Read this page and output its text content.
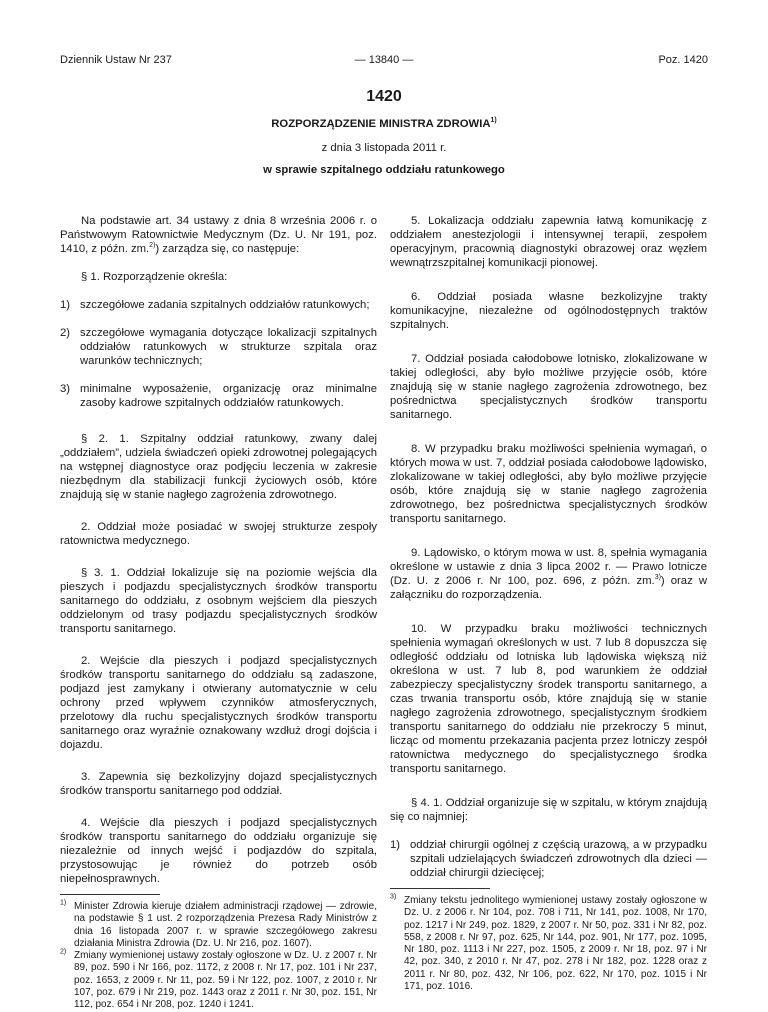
Dziennik Ustaw Nr 237	— 13840 —	Poz. 1420
1420
ROZPORZĄDZENIE MINISTRA ZDROWIA$^{1)}$
z dnia 3 listopada 2011 r.
w sprawie szpitalnego oddziału ratunkowego

Na podstawie art. 34 ustawy z dnia 8 września 2006 r. o Państwowym Ratownictwie Medycznym (Dz. U. Nr 191, poz. 1410, z późn. zm.$^{2)}$) zarządza się, co następuje:

§ 1. Rozporządzenie określa:

1) szczegółowe zadania szpitalnych oddziałów ratunkowych;
2) szczegółowe wymagania dotyczące lokalizacji szpitalnych oddziałów ratunkowych w strukturze szpitala oraz warunków technicznych;
3) minimalne wyposażenie, organizację oraz minimalne zasoby kadrowe szpitalnych oddziałów ratunkowych.

§ 2. 1. Szpitalny oddział ratunkowy, zwany dalej „oddziałem”, udziela świadczeń opieki zdrowotnej polegających na wstępnej diagnostyce oraz podjęciu leczenia w zakresie niezbędnym dla stabilizacji funkcji życiowych osób, które znajdują się w stanie nagłego zagrożenia zdrowotnego.

2. Oddział może posiadać w swojej strukturze zespoły ratownictwa medycznego.

§ 3. 1. Oddział lokalizuje się na poziomie wejścia dla pieszych i podjazdu specjalistycznych środków transportu sanitarnego do oddziału, z osobnym wejściem dla pieszych oddzielonym od trasy podjazdu specjalistycznych środków transportu sanitarnego.

2. Wejście dla pieszych i podjazd specjalistycznych środków transportu sanitarnego do oddziału są zadaszone, podjazd jest zamykany i otwierany automatycznie w celu ochrony przed wpływem czynników atmosferycznych, przelotowy dla ruchu specjalistycznych środków transportu sanitarnego oraz wyraźnie oznakowany wzdłuż drogi dojścia i dojazdu.

3. Zapewnia się bezkolizyjny dojazd specjalistycznych środków transportu sanitarnego pod oddział.

4. Wejście dla pieszych i podjazd specjalistycznych środków transportu sanitarnego do oddziału organizuje się niezależnie od innych wejść i podjazdów do szpitala, przystosowując je również do potrzeb osób niepełnosprawnych.

$^{1)}$ Minister Zdrowia kieruje działem administracji rządowej — zdrowie, na podstawie § 1 ust. 2 rozporządzenia Prezesa Rady Ministrów z dnia 16 listopada 2007 r. w sprawie szczegółowego zakresu działania Ministra Zdrowia (Dz. U. Nr 216, poz. 1607).
$^{2)}$ Zmiany wymienionej ustawy zostały ogłoszone w Dz. U. z 2007 r. Nr 89, poz. 590 i Nr 166, poz. 1172, z 2008 r. Nr 17, poz. 101 i Nr 237, poz. 1653, z 2009 r. Nr 11, poz. 59 i Nr 122, poz. 1007, z 2010 r. Nr 107, poz. 679 i Nr 219, poz. 1443 oraz z 2011 r. Nr 30, poz. 151, Nr 112, poz. 654 i Nr 208, poz. 1240 i 1241.

5. Lokalizacja oddziału zapewnia łatwą komunikację z oddziałem anestezjologii i intensywnej terapii, zespołem operacyjnym, pracownią diagnostyki obrazowej oraz węzłem wewnątrzszpitalnej komunikacji pionowej.

6. Oddział posiada własne bezkolizyjne trakty komunikacyjne, niezależne od ogólnodostępnych traktów szpitalnych.

7. Oddział posiada całodobowe lotnisko, zlokalizowane w takiej odległości, aby było możliwe przyjęcie osób, które znajdują się w stanie nagłego zagrożenia zdrowotnego, bez pośrednictwa specjalistycznych środków transportu sanitarnego.

8. W przypadku braku możliwości spełnienia wymagań, o których mowa w ust. 7, oddział posiada całodobowe lądowisko, zlokalizowane w takiej odległości, aby było możliwe przyjęcie osób, które znajdują się w stanie nagłego zagrożenia zdrowotnego, bez pośrednictwa specjalistycznych środków transportu sanitarnego.

9. Lądowisko, o którym mowa w ust. 8, spełnia wymagania określone w ustawie z dnia 3 lipca 2002 r. — Prawo lotnicze (Dz. U. z 2006 r. Nr 100, poz. 696, z późn. zm.$^{3)}$) oraz w załączniku do rozporządzenia.

10. W przypadku braku możliwości technicznych spełnienia wymagań określonych w ust. 7 lub 8 dopuszcza się odległość oddziału od lotniska lub lądowiska większą niż określona w ust. 7 lub 8, pod warunkiem że oddział zabezpieczy specjalistyczny środek transportu sanitarnego, a czas trwania transportu osób, które znajdują się w stanie nagłego zagrożenia zdrowotnego, specjalistycznym środkiem transportu sanitarnego do oddziału nie przekroczy 5 minut, licząc od momentu przekazania pacjenta przez lotniczy zespół ratownictwa medycznego do specjalistycznego środka transportu sanitarnego.

§ 4. 1. Oddział organizuje się w szpitalu, w którym znajdują się co najmniej:

1) oddział chirurgii ogólnej z częścią urazową, a w przypadku szpitali udzielających świadczeń zdrowotnych dla dzieci — oddział chirurgii dziecięcej;
$^{3)}$ Zmiany tekstu jednolitego wymienionej ustawy zostały ogłoszone w Dz. U. z 2006 r. Nr 104, poz. 708 i 711, Nr 141, poz. 1008, Nr 170, poz. 1217 i Nr 249, poz. 1829, z 2007 r. Nr 50, poz. 331 i Nr 82, poz. 558, z 2008 r. Nr 97, poz. 625, Nr 144, poz. 901, Nr 177, poz. 1095, Nr 180, poz. 1113 i Nr 227, poz. 1505, z 2009 r. Nr 18, poz. 97 i Nr 42, poz. 340, z 2010 r. Nr 47, poz. 278 i Nr 182, poz. 1228 oraz z 2011 r. Nr 80, poz. 432, Nr 106, poz. 622, Nr 170, poz. 1015 i Nr 171, poz. 1016.
